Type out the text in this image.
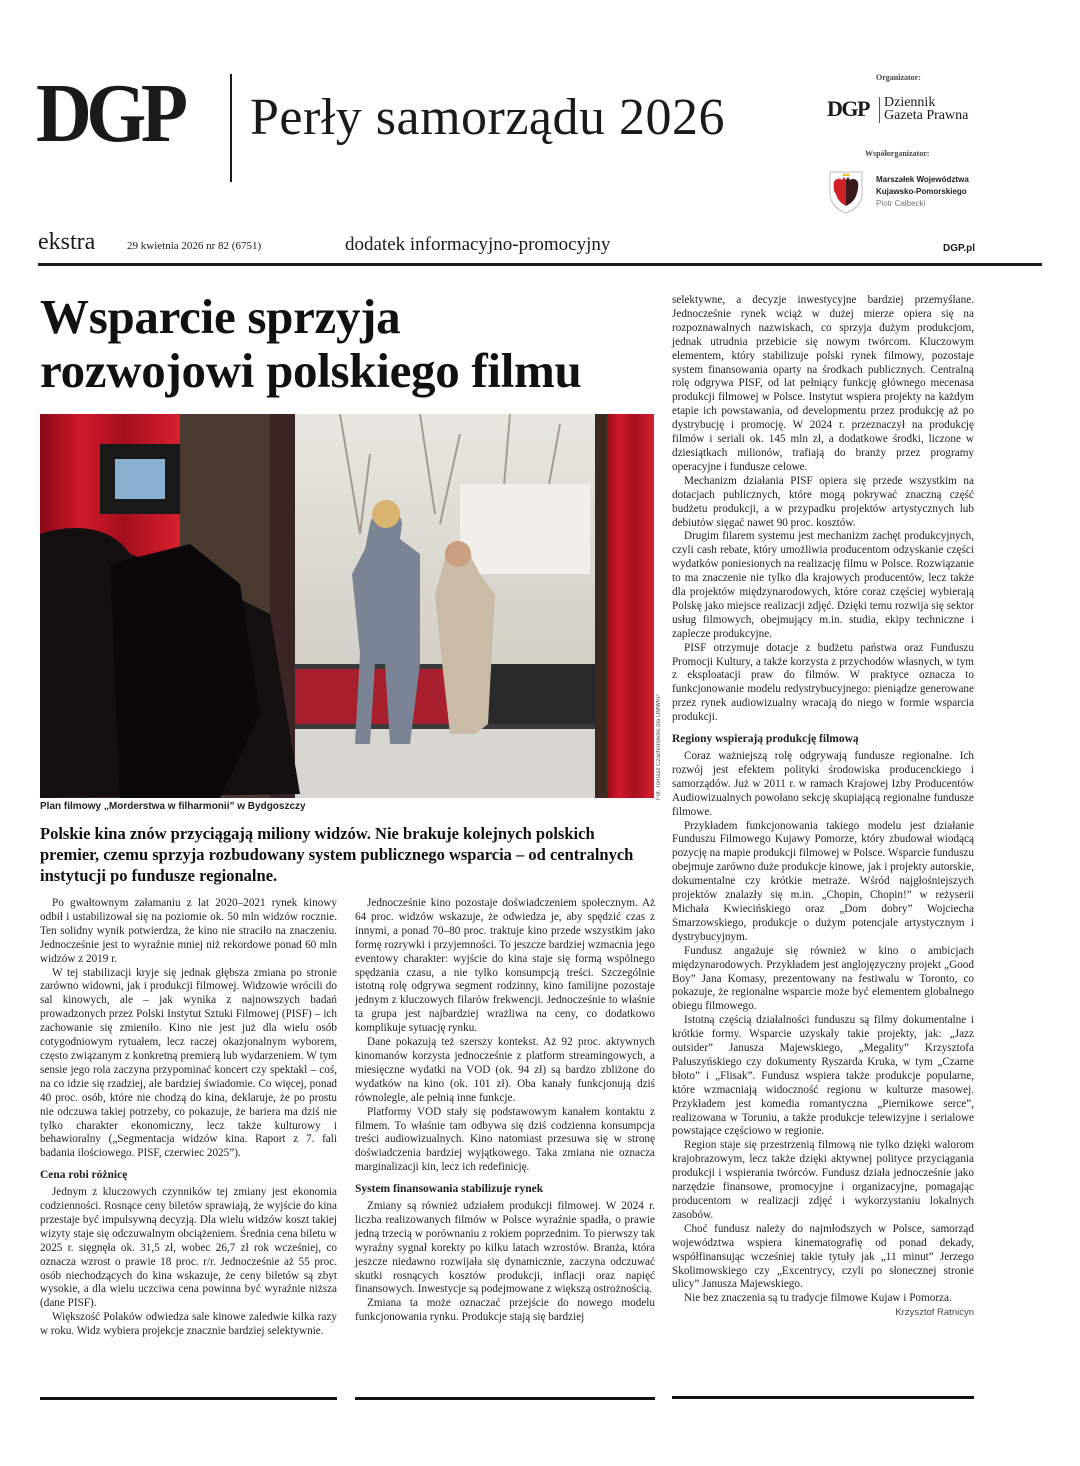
DGP Perły samorządu 2026
Organizator:
DGP Dziennik
Gazeta Prawna
Współorganizator:
Marszałek Województwa
Kujawsko-Pomorskiego
Piotr Całbecki
ekstra	29 kwietnia 2026 nr 82 (6751)	dodatek informacyjno-promocyjny	DGP.pl
Wsparcie sprzyja
rozwojowi polskiego filmu
Fot. Tomasz Czachorowski dla UMWKP
Plan filmowy „Morderstwa w filharmonii” w Bydgoszczy

Polskie kina znów przyciągają miliony widzów. Nie brakuje kolejnych polskich premier, czemu sprzyja rozbudowany system publicznego wsparcia – od centralnych instytucji po fundusze regionalne.

Po gwałtownym załamaniu z lat 2020–2021 rynek kinowy odbił i ustabilizował się na poziomie ok. 50 mln widzów rocznie. Ten solidny wynik potwierdza, że kino nie straciło na znaczeniu. Jednocześnie jest to wyraźnie mniej niż rekordowe ponad 60 mln widzów z 2019 r.

W tej stabilizacji kryje się jednak głębsza zmiana po stronie zarówno widowni, jak i produkcji filmowej. Widzowie wrócili do sal kinowych, ale – jak wynika z najnowszych badań prowadzonych przez Polski Instytut Sztuki Filmowej (PISF) – ich zachowanie się zmieniło. Kino nie jest już dla wielu osób cotygodniowym rytuałem, lecz raczej okazjonalnym wyborem, często związanym z konkretną premierą lub wydarzeniem. W tym sensie jego rola zaczyna przypominać koncert czy spektakl – coś, na co idzie się rzadziej, ale bardziej świadomie. Co więcej, ponad 40 proc. osób, które nie chodzą do kina, deklaruje, że po prostu nie odczuwa takiej potrzeby, co pokazuje, że bariera ma dziś nie tylko charakter ekonomiczny, lecz także kulturowy i behawioralny („Segmentacja widzów kina. Raport z 7. fali badania ilościowego. PISF, czerwiec 2025”).

Cena robi różnicę

Jednym z kluczowych czynników tej zmiany jest ekonomia codzienności. Rosnące ceny biletów sprawiają, że wyjście do kina przestaje być impulsywną decyzją. Dla wielu widzów koszt takiej wizyty staje się odczuwalnym obciążeniem. Średnia cena biletu w 2025 r. sięgnęła ok. 31,5 zł, wobec 26,7 zł rok wcześniej, co oznacza wzrost o prawie 18 proc. r/r. Jednocześnie aż 55 proc. osób niechodzących do kina wskazuje, że ceny biletów są zbyt wysokie, a dla wielu uczciwa cena powinna być wyraźnie niższa (dane PISF).

Większość Polaków odwiedza sale kinowe zaledwie kilka razy w roku. Widz wybiera projekcje znacznie bardziej selektywnie.

Jednocześnie kino pozostaje doświadczeniem społecznym. Aż 64 proc. widzów wskazuje, że odwiedza je, aby spędzić czas z innymi, a ponad 70–80 proc. traktuje kino przede wszystkim jako formę rozrywki i przyjemności. To jeszcze bardziej wzmacnia jego eventowy charakter: wyjście do kina staje się formą wspólnego spędzania czasu, a nie tylko konsumpcją treści. Szczególnie istotną rolę odgrywa segment rodzinny, kino familijne pozostaje jednym z kluczowych filarów frekwencji. Jednocześnie to właśnie ta grupa jest najbardziej wrażliwa na ceny, co dodatkowo komplikuje sytuację rynku.

Dane pokazują też szerszy kontekst. Aż 92 proc. aktywnych kinomanów korzysta jednocześnie z platform streamingowych, a miesięczne wydatki na VOD (ok. 94 zł) są bardzo zbliżone do wydatków na kino (ok. 101 zł). Oba kanały funkcjonują dziś równolegle, ale pełnią inne funkcje.

Platformy VOD stały się podstawowym kanałem kontaktu z filmem. To właśnie tam odbywa się dziś codzienna konsumpcja treści audiowizualnych. Kino natomiast przesuwa się w stronę doświadczenia bardziej wyjątkowego. Taka zmiana nie oznacza marginalizacji kin, lecz ich redefinicję.

System finansowania stabilizuje rynek

Zmiany są również udziałem produkcji filmowej. W 2024 r. liczba realizowanych filmów w Polsce wyraźnie spadła, o prawie jedną trzecią w porównaniu z rokiem poprzednim. To pierwszy tak wyraźny sygnał korekty po kilku latach wzrostów. Branża, która jeszcze niedawno rozwijała się dynamicznie, zaczyna odczuwać skutki rosnących kosztów produkcji, inflacji oraz napięć finansowych. Inwestycje są podejmowane z większą ostrożnością.

Zmiana ta może oznaczać przejście do nowego modelu funkcjonowania rynku. Produkcje stają się bardziej

selektywne, a decyzje inwestycyjne bardziej przemyślane. Jednocześnie rynek wciąż w dużej mierze opiera się na rozpoznawalnych nazwiskach, co sprzyja dużym produkcjom, jednak utrudnia przebicie się nowym twórcom. Kluczowym elementem, który stabilizuje polski rynek filmowy, pozostaje system finansowania oparty na środkach publicznych. Centralną rolę odgrywa PISF, od lat pełniący funkcję głównego mecenasa produkcji filmowej w Polsce. Instytut wspiera projekty na każdym etapie ich powstawania, od developmentu przez produkcję aż po dystrybucję i promocję. W 2024 r. przeznaczył na produkcję filmów i seriali ok. 145 mln zł, a dodatkowe środki, liczone w dziesiątkach milionów, trafiają do branży przez programy operacyjne i fundusze celowe.

Mechanizm działania PISF opiera się przede wszystkim na dotacjach publicznych, które mogą pokrywać znaczną część budżetu produkcji, a w przypadku projektów artystycznych lub debiutów sięgać nawet 90 proc. kosztów.

Drugim filarem systemu jest mechanizm zachęt produkcyjnych, czyli cash rebate, który umożliwia producentom odzyskanie części wydatków poniesionych na realizację filmu w Polsce. Rozwiązanie to ma znaczenie nie tylko dla krajowych producentów, lecz także dla projektów międzynarodowych, które coraz częściej wybierają Polskę jako miejsce realizacji zdjęć. Dzięki temu rozwija się sektor usług filmowych, obejmujący m.in. studia, ekipy techniczne i zaplecze produkcyjne.

PISF otrzymuje dotacje z budżetu państwa oraz Funduszu Promocji Kultury, a także korzysta z przychodów własnych, w tym z eksploatacji praw do filmów. W praktyce oznacza to funkcjonowanie modelu redystrybucyjnego: pieniądze generowane przez rynek audiowizualny wracają do niego w formie wsparcia produkcji.

Regiony wspierają produkcję filmową

Coraz ważniejszą rolę odgrywają fundusze regionalne. Ich rozwój jest efektem polityki środowiska producenckiego i samorządów. Już w 2011 r. w ramach Krajowej Izby Producentów Audiowizualnych powołano sekcję skupiającą regionalne fundusze filmowe.

Przykładem funkcjonowania takiego modelu jest działanie Funduszu Filmowego Kujawy Pomorze, który zbudował wiodącą pozycję na mapie produkcji filmowej w Polsce. Wsparcie funduszu obejmuje zarówno duże produkcje kinowe, jak i projekty autorskie, dokumentalne czy krótkie metraże. Wśród najgłośniejszych projektów znalazły się m.in. „Chopin, Chopin!” w reżyserii Michała Kwiecińskiego oraz „Dom dobry” Wojciecha Smarzowskiego, produkcje o dużym potencjale artystycznym i dystrybucyjnym.

Fundusz angażuje się również w kino o ambicjach międzynarodowych. Przykładem jest anglojęzyczny projekt „Good Boy” Jana Komasy, prezentowany na festiwalu w Toronto, co pokazuje, że regionalne wsparcie może być elementem globalnego obiegu filmowego.

Istotną częścią działalności funduszu są filmy dokumentalne i krótkie formy. Wsparcie uzyskały takie projekty, jak: „Jazz outsider” Janusza Majewskiego, „Megality” Krzysztofa Paluszyńskiego czy dokumenty Ryszarda Kruka, w tym „Czarne błoto” i „Flisak”. Fundusz wspiera także produkcje popularne, które wzmacniają widoczność regionu w kulturze masowej. Przykładem jest komedia romantyczna „Piernikowe serce”, realizowana w Toruniu, a także produkcje telewizyjne i serialowe powstające częściowo w regionie.

Region staje się przestrzenią filmową nie tylko dzięki walorom krajobrazowym, lecz także dzięki aktywnej polityce przyciągania produkcji i wspierania twórców. Fundusz działa jednocześnie jako narzędzie finansowe, promocyjne i organizacyjne, pomagając producentom w realizacji zdjęć i wykorzystaniu lokalnych zasobów.

Choć fundusz należy do najmłodszych w Polsce, samorząd województwa wspiera kinematografię od ponad dekady, współfinansując wcześniej takie tytuły jak „11 minut” Jerzego Skolimowskiego czy „Excentrycy, czyli po słonecznej stronie ulicy” Janusza Majewskiego.

Nie bez znaczenia są tu tradycje filmowe Kujaw i Pomorza.
Krzysztof Ratnicyn
